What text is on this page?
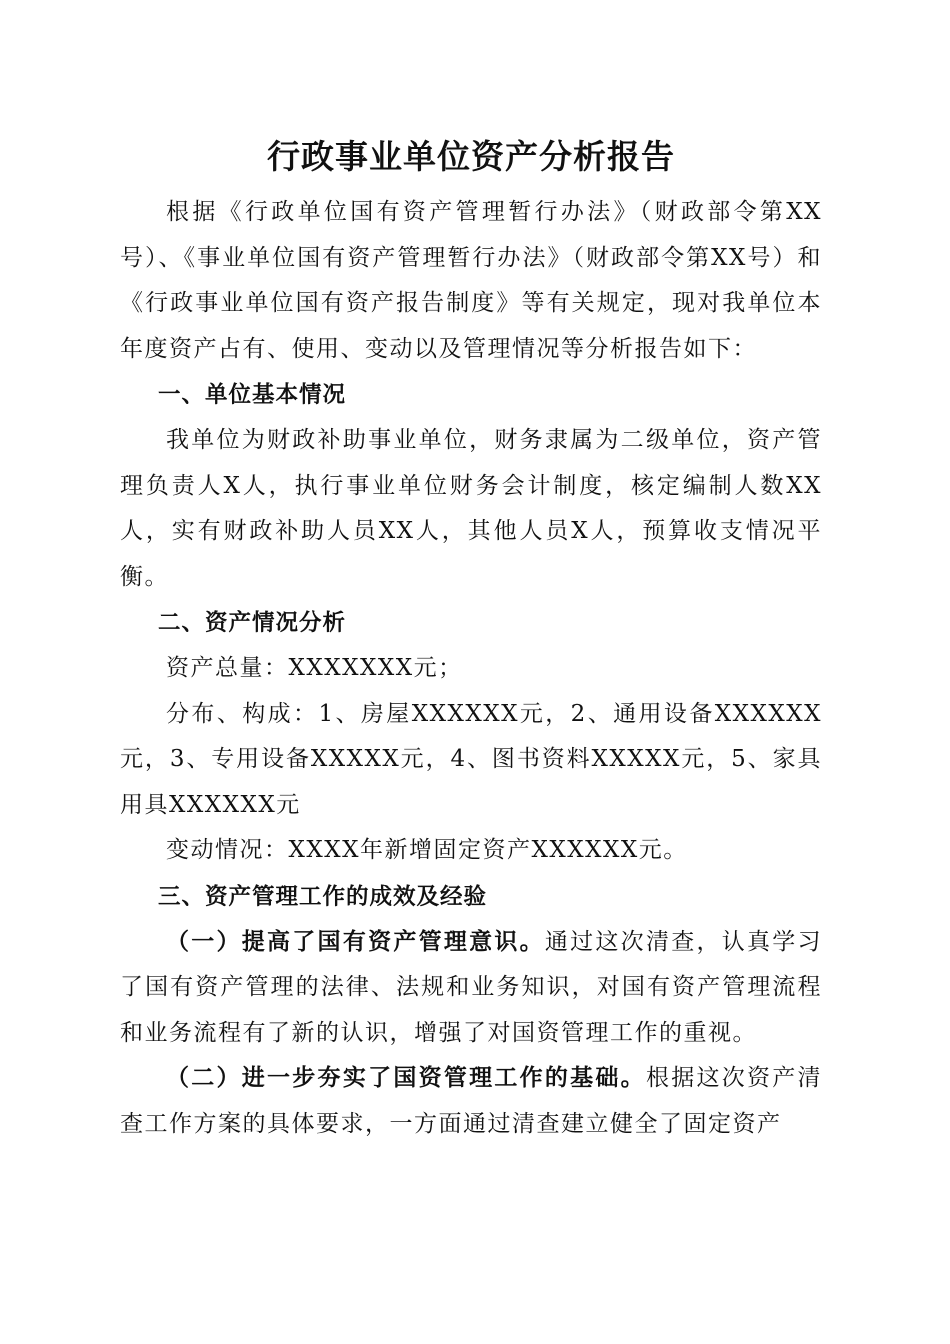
行政事业单位资产分析报告

根据《行政单位国有资产管理暂行办法》（财政部令第XX号）、《事业单位国有资产管理暂行办法》（财政部令第XX号）和《行政事业单位国有资产报告制度》等有关规定，现对我单位本年度资产占有、使用、变动以及管理情况等分析报告如下：

一、单位基本情况

我单位为财政补助事业单位，财务隶属为二级单位，资产管理负责人X人，执行事业单位财务会计制度，核定编制人数XX人，实有财政补助人员XX人，其他人员X人，预算收支情况平衡。

二、资产情况分析

资产总量：XXXXXXX元；

分布、构成：1、房屋XXXXXX元，2、通用设备XXXXXX元，3、专用设备XXXXX元，4、图书资料XXXXX元，5、家具用具XXXXXX元

变动情况：XXXX年新增固定资产XXXXXX元。

三、资产管理工作的成效及经验

（一）提高了国有资产管理意识。通过这次清查，认真学习了国有资产管理的法律、法规和业务知识，对国有资产管理流程和业务流程有了新的认识，增强了对国资管理工作的重视。

（二）进一步夯实了国资管理工作的基础。根据这次资产清查工作方案的具体要求，一方面通过清查建立健全了固定资产
